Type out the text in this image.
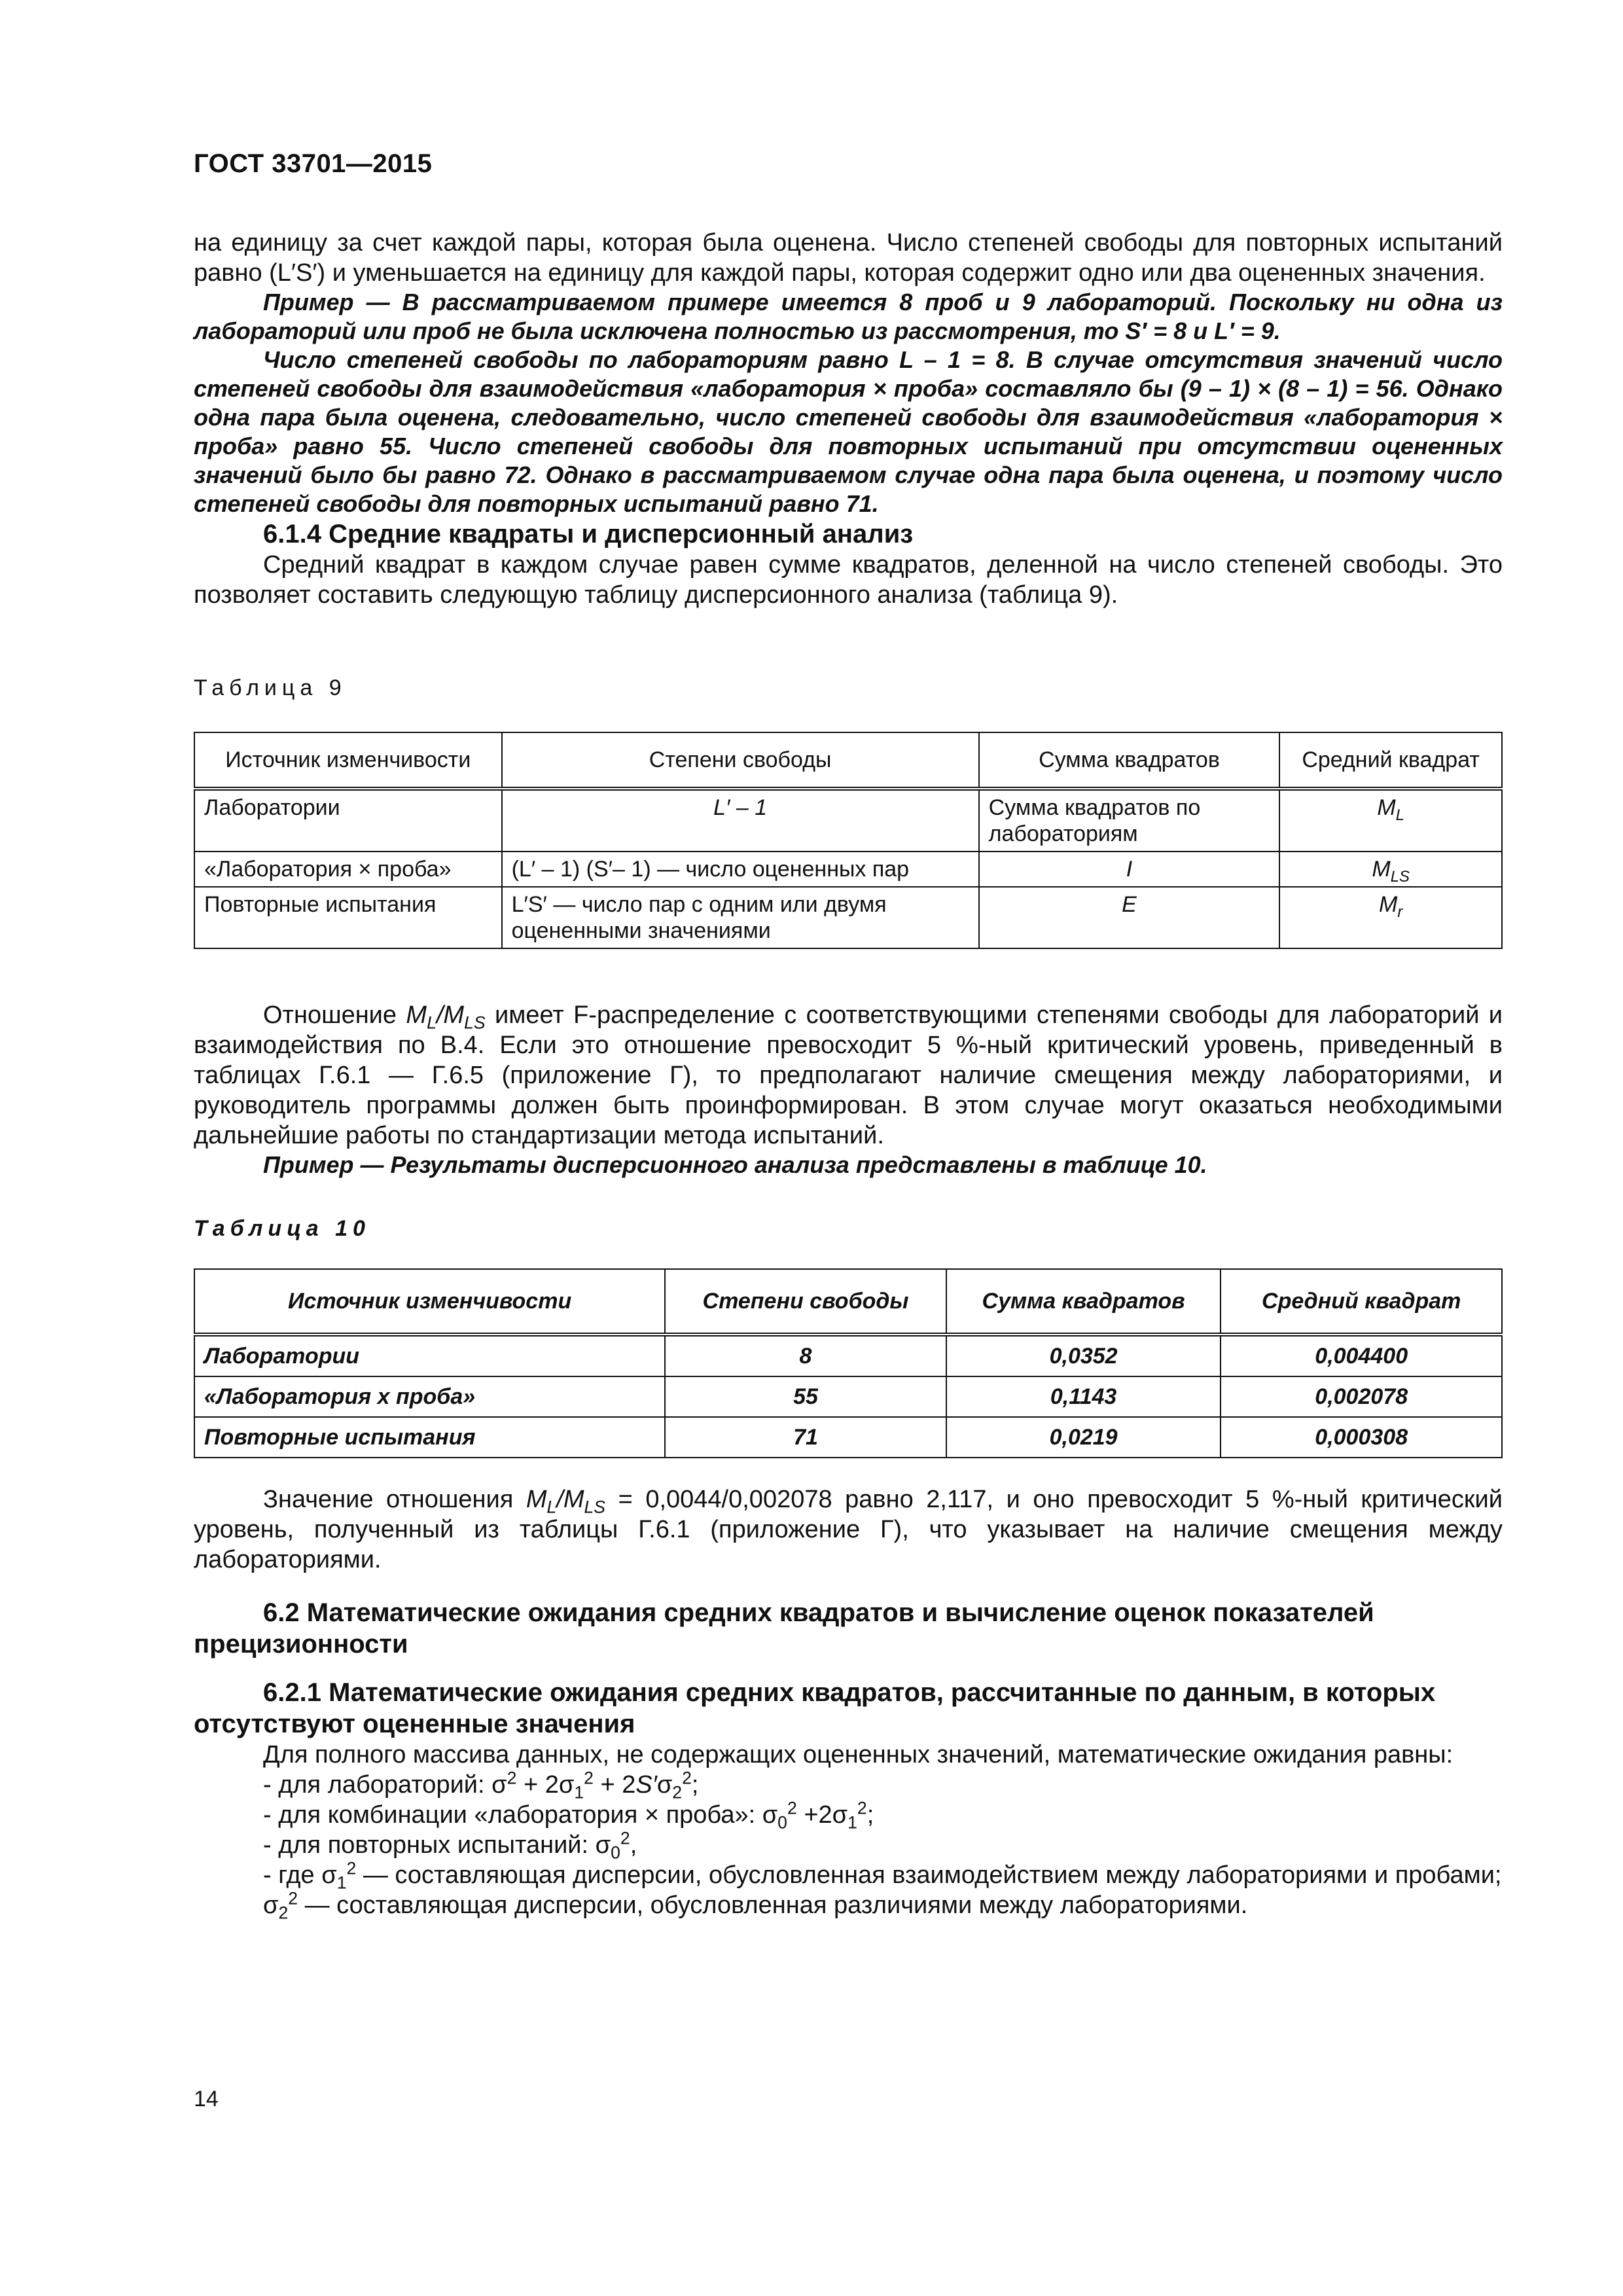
ГОСТ 33701—2015

на единицу за счет каждой пары, которая была оценена. Число степеней свободы для повторных испытаний равно (L′S′) и уменьшается на единицу для каждой пары, которая содержит одно или два оцененных значения.

Пример — В рассматриваемом примере имеется 8 проб и 9 лабораторий. Поскольку ни одна из лабораторий или проб не была исключена полностью из рассмотрения, то S′ = 8 и L′ = 9.

Число степеней свободы по лабораториям равно L – 1 = 8. В случае отсутствия значений число степеней свободы для взаимодействия «лаборатория × проба» составляло бы (9 – 1) × (8 – 1) = 56. Однако одна пара была оценена, следовательно, число степеней свободы для взаимодействия «лаборатория × проба» равно 55. Число степеней свободы для повторных испытаний при отсутствии оцененных значений было бы равно 72. Однако в рассматриваемом случае одна пара была оценена, и поэтому число степеней свободы для повторных испытаний равно 71.

6.1.4 Средние квадраты и дисперсионный анализ

Средний квадрат в каждом случае равен сумме квадратов, деленной на число степеней свободы. Это позволяет составить следующую таблицу дисперсионного анализа (таблица 9).

Таблица 9
Источник изменчивости	Степени свободы	Сумма квадратов	Средний квадрат
Лаборатории	L′ – 1	Сумма квадратов по лабораториям	$M_L$
«Лаборатория × проба»	(L′ – 1) (S′– 1) — число оцененных пар	I	$M_{LS}$
Повторные испытания	L′S′ — число пар с одним или двумя оцененными значениями	E	$M_r$

Отношение $M_L/M_{LS}$ имеет F-распределение с соответствующими степенями свободы для лабораторий и взаимодействия по В.4. Если это отношение превосходит 5 %-ный критический уровень, приведенный в таблицах Г.6.1 — Г.6.5 (приложение Г), то предполагают наличие смещения между лабораториями, и руководитель программы должен быть проинформирован. В этом случае могут оказаться необходимыми дальнейшие работы по стандартизации метода испытаний.

Пример — Результаты дисперсионного анализа представлены в таблице 10.

Таблица 10
Источник изменчивости	Степени свободы	Сумма квадратов	Средний квадрат
Лаборатории	8	0,0352	0,004400
«Лаборатория х проба»	55	0,1143	0,002078
Повторные испытания	71	0,0219	0,000308

Значение отношения $M_L/M_{LS} = 0,0044/0,002078$ равно 2,117, и оно превосходит 5 %-ный критический уровень, полученный из таблицы Г.6.1 (приложение Г), что указывает на наличие смещения между лабораториями.

6.2 Математические ожидания средних квадратов и вычисление оценок показателей прецизионности
6.2.1 Математические ожидания средних квадратов, рассчитанные по данным, в которых отсутствуют оцененные значения

Для полного массива данных, не содержащих оцененных значений, математические ожидания равны:

- для лабораторий: $\sigma^2 + 2\sigma_1^2 + 2S'\sigma_2^2$;

- для комбинации «лаборатория × проба»: $\sigma_0^2 +2\sigma_1^2$;

- для повторных испытаний: $\sigma_0^2$,

- где $\sigma_1^2$ — составляющая дисперсии, обусловленная взаимодействием между лабораториями и пробами;

$\sigma_2^2$ — составляющая дисперсии, обусловленная различиями между лабораториями.

14
